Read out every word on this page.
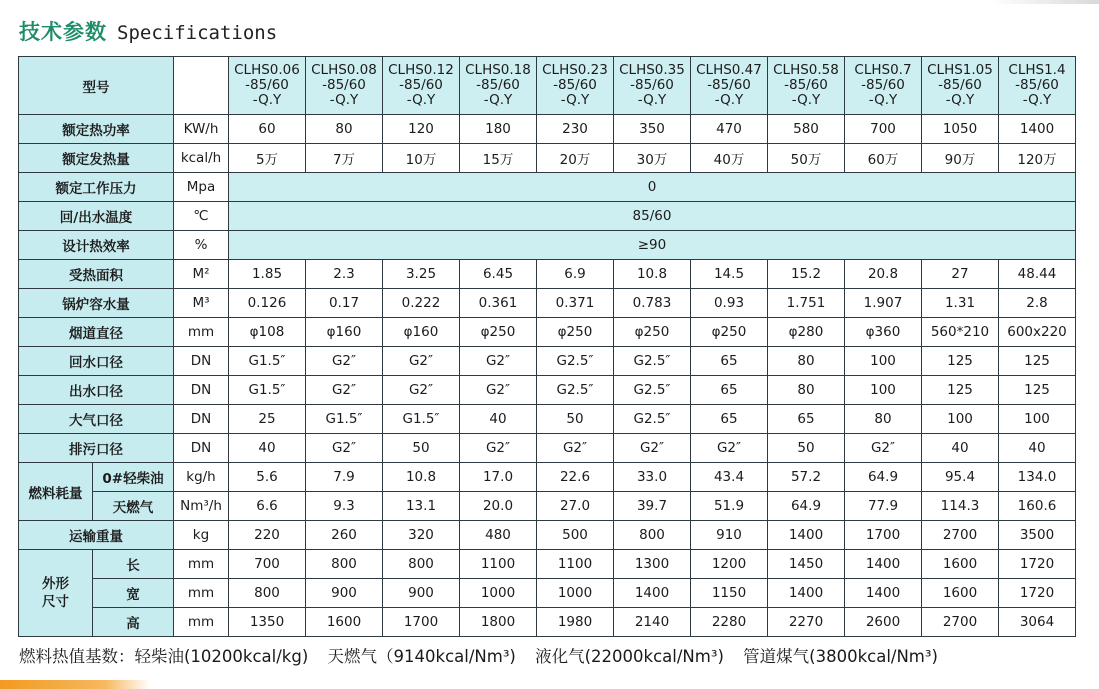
技术参数 Specifications
型号			CLHS0.06
-85/60
-Q.Y	CLHS0.08
-85/60
-Q.Y	CLHS0.12
-85/60
-Q.Y	CLHS0.18
-85/60
-Q.Y	CLHS0.23
-85/60
-Q.Y	CLHS0.35
-85/60
-Q.Y	CLHS0.47
-85/60
-Q.Y	CLHS0.58
-85/60
-Q.Y	CLHS0.7
-85/60
-Q.Y	CLHS1.05
-85/60
-Q.Y	CLHS1.4
-85/60
-Q.Y

额定热功率		KW/h	60	80	120	180	230	350	470	580	700	1050	1400
额定发热量		kcal/h	5万	7万	10万	15万	20万	30万	40万	50万	60万	90万	120万
额定工作压力		Mpa	0										
回/出水温度		℃	85/60										
设计热效率		%	≥90										
受热面积		M²	1.85	2.3	3.25	6.45	6.9	10.8	14.5	15.2	20.8	27	48.44
锅炉容水量		M³	0.126	0.17	0.222	0.361	0.371	0.783	0.93	1.751	1.907	1.31	2.8
烟道直径		mm	φ108	φ160	φ160	φ250	φ250	φ250	φ250	φ280	φ360	560*210	600x220
回水口径		DN	G1.5″	G2″	G2″	G2″	G2.5″	G2.5″	65	80	100	125	125
出水口径		DN	G1.5″	G2″	G2″	G2″	G2.5″	G2.5″	65	80	100	125	125
大气口径		DN	25	G1.5″	G1.5″	40	50	G2.5″	65	65	80	100	100
排污口径		DN	40	G2″	50	G2″	G2″	G2″	G2″	50	G2″	40	40
燃料耗量	0#轻柴油	kg/h	5.6	7.9	10.8	17.0	22.6	33.0	43.4	57.2	64.9	95.4	134.0
	天燃气	Nm³/h	6.6	9.3	13.1	20.0	27.0	39.7	51.9	64.9	77.9	114.3	160.6
运输重量		kg	220	260	320	480	500	800	910	1400	1700	2700	3500
外形尺寸	长	mm	700	800	800	1100	1100	1300	1200	1450	1400	1600	1720
	宽	mm	800	900	900	1000	1000	1400	1150	1400	1400	1600	1720
	高	mm	1350	1600	1700	1800	1980	2140	2280	2270	2600	2700	3064
燃料热值基数：轻柴油(10200kcal/kg) 天燃气（9140kcal/Nm³) 液化气(22000kcal/Nm³) 管道煤气(3800kcal/Nm³)
